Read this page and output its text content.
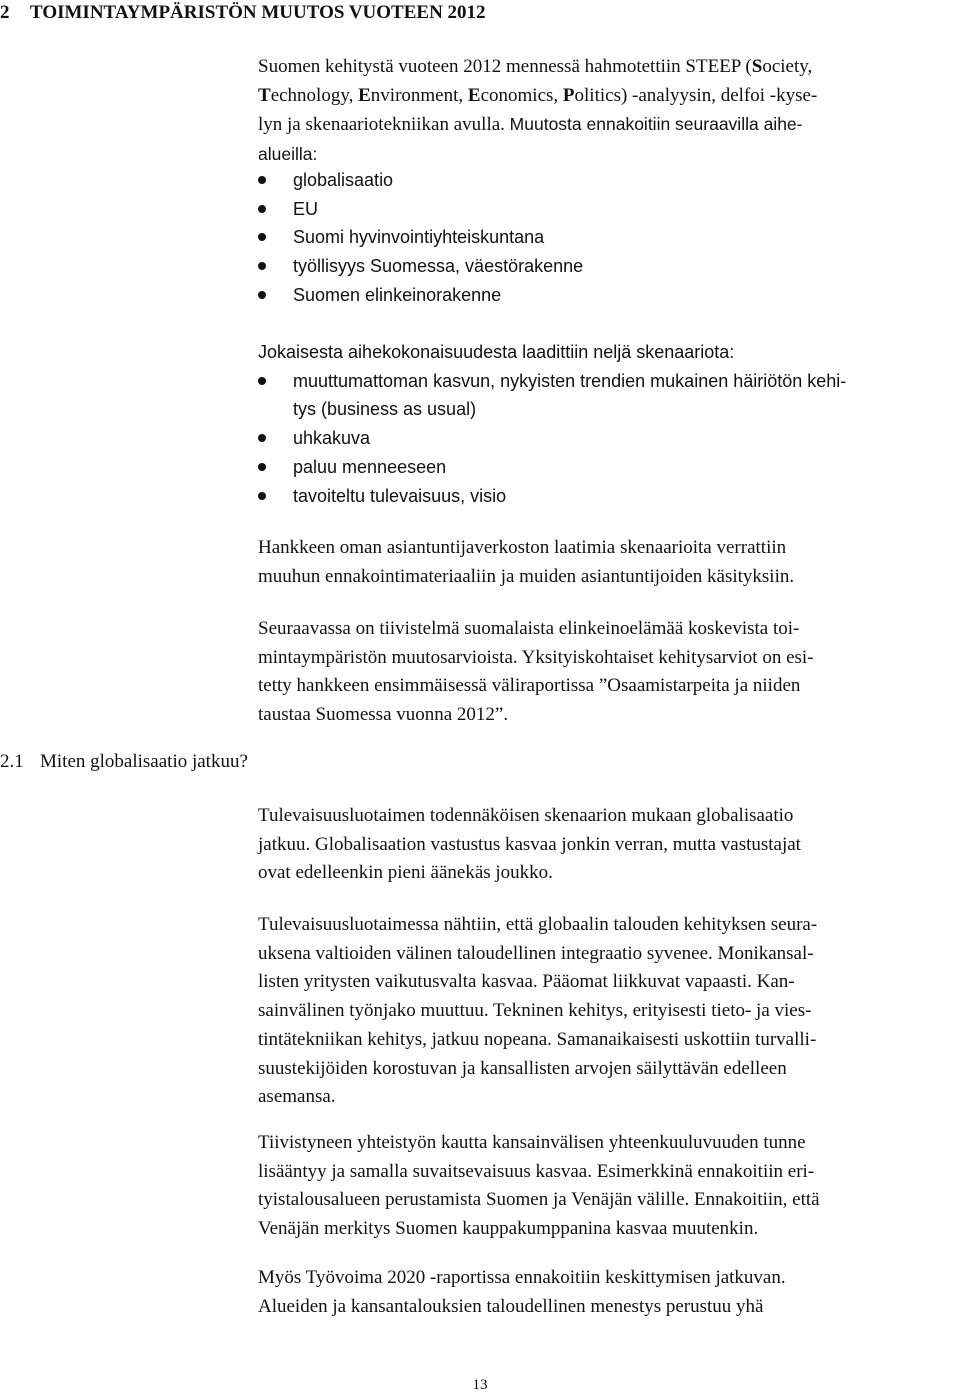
2 TOIMINTAYMPÄRISTÖN MUUTOS VUOTEEN 2012
2.1 Miten globalisaatio jatkuu?
Suomen kehitystä vuoteen 2012 mennessä hahmotettiin STEEP (Society,
Technology, Environment, Economics, Politics) -analyysin, delfoi -kyse-
lyn ja skenaariotekniikan avulla. Muutosta ennakoitiin seuraavilla aihe-
alueilla:
globalisaatio
EU
Suomi hyvinvointiyhteiskuntana
työllisyys Suomessa, väestörakenne
Suomen elinkeinorakenne

Jokaisesta aihekokonaisuudesta laadittiin neljä skenaariota:

muuttumattoman kasvun, nykyisten trendien mukainen häiriötön kehi-
tys (business as usual)
uhkakuva
paluu menneeseen
tavoiteltu tulevaisuus, visio
Hankkeen oman asiantuntijaverkoston laatimia skenaarioita verrattiin
muuhun ennakointimateriaaliin ja muiden asiantuntijoiden käsityksiin.
Seuraavassa on tiivistelmä suomalaista elinkeinoelämää koskevista toi-
mintaympäristön muutosarvioista. Yksityiskohtaiset kehitysarviot on esi-
tetty hankkeen ensimmäisessä väliraportissa ”Osaamistarpeita ja niiden
taustaa Suomessa vuonna 2012”.
Tulevaisuusluotaimen todennäköisen skenaarion mukaan globalisaatio
jatkuu. Globalisaation vastustus kasvaa jonkin verran, mutta vastustajat
ovat edelleenkin pieni äänekäs joukko.
Tulevaisuusluotaimessa nähtiin, että globaalin talouden kehityksen seura-
uksena valtioiden välinen taloudellinen integraatio syvenee. Monikansal-
listen yritysten vaikutusvalta kasvaa. Pääomat liikkuvat vapaasti. Kan-
sainvälinen työnjako muuttuu. Tekninen kehitys, erityisesti tieto- ja vies-
tintätekniikan kehitys, jatkuu nopeana. Samanaikaisesti uskottiin turvalli-
suustekijöiden korostuvan ja kansallisten arvojen säilyttävän edelleen
asemansa.
Tiivistyneen yhteistyön kautta kansainvälisen yhteenkuuluvuuden tunne
lisääntyy ja samalla suvaitsevaisuus kasvaa. Esimerkkinä ennakoitiin eri-
tyistalousalueen perustamista Suomen ja Venäjän välille. Ennakoitiin, että
Venäjän merkitys Suomen kauppakumppanina kasvaa muutenkin.
Myös Työvoima 2020 -raportissa ennakoitiin keskittymisen jatkuvan.
Alueiden ja kansantalouksien taloudellinen menestys perustuu yhä
13
